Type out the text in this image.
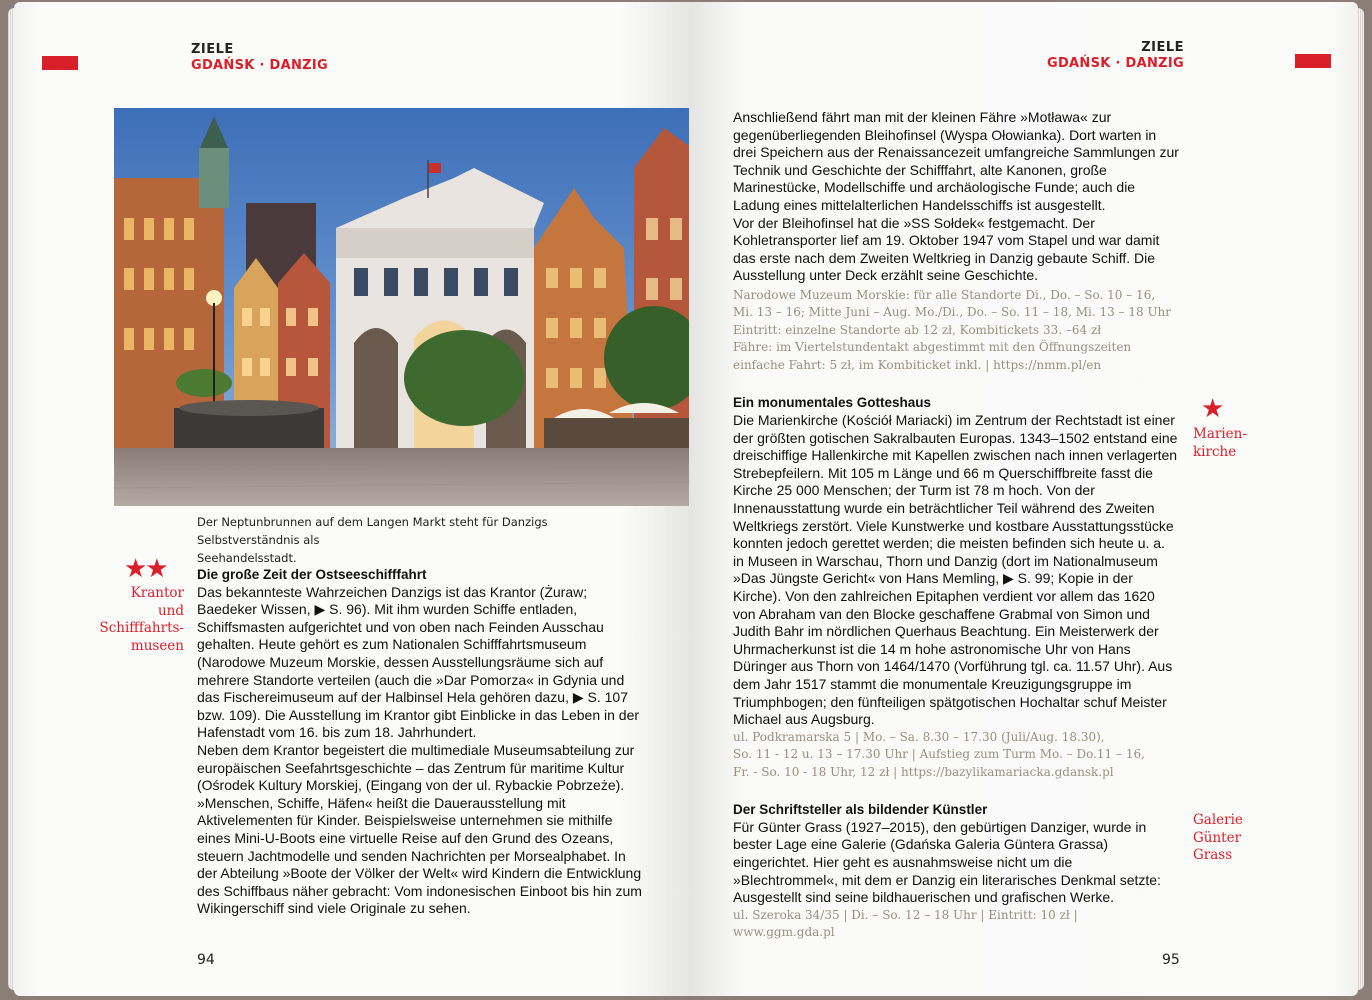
ZIELE
GDAŃSK · DANZIG
Der Neptunbrunnen auf dem Langen Markt steht für Danzigs Selbstverständnis als
Seehandelsstadt.
★★
Krantor
und
Schifffahrts-
museen

Die große Zeit der Ostseeschifffahrt

Das bekannteste Wahrzeichen Danzigs ist das Krantor (Żuraw; Baedeker Wissen, ▶ S. 96). Mit ihm wurden Schiffe entladen, Schiffsmasten aufgerichtet und von oben nach Feinden Ausschau gehalten. Heute gehört es zum Nationalen Schifffahrtsmuseum (Narodowe Muzeum Morskie, dessen Ausstellungsräume sich auf mehrere Standorte verteilen (auch die »Dar Pomorza« in Gdynia und das Fischereimuseum auf der Halbinsel Hela gehören dazu, ▶ S. 107 bzw. 109). Die Ausstellung im Krantor gibt Einblicke in das Leben in der Hafenstadt vom 16. bis zum 18. Jahrhundert.

Neben dem Krantor begeistert die multimediale Museumsabteilung zur europäischen Seefahrtsgeschichte – das Zentrum für maritime Kultur (Ośrodek Kultury Morskiej, (Eingang von der ul. Rybackie Pobrzeże). »Menschen, Schiffe, Häfen« heißt die Dauerausstellung mit Aktivelementen für Kinder. Beispielsweise unternehmen sie mithilfe eines Mini-U-Boots eine virtuelle Reise auf den Grund des Ozeans, steuern Jachtmodelle und senden Nachrichten per Morsealphabet. In der Abteilung »Boote der Völker der Welt« wird Kindern die Entwicklung des Schiffbaus näher gebracht: Vom indonesischen Einboot bis hin zum Wikingerschiff sind viele Originale zu sehen.

94
ZIELE
GDAŃSK · DANZIG

Anschließend fährt man mit der kleinen Fähre »Motława« zur gegenüberliegenden Bleihofinsel (Wyspa Ołowianka). Dort warten in drei Speichern aus der Renaissancezeit umfangreiche Sammlungen zur Technik und Geschichte der Schifffahrt, alte Kanonen, große Marinestücke, Modellschiffe und archäologische Funde; auch die Ladung eines mittelalterlichen Handelsschiffs ist ausgestellt.

Vor der Bleihofinsel hat die »SS Sołdek« festgemacht. Der Kohletransporter lief am 19. Oktober 1947 vom Stapel und war damit das erste nach dem Zweiten Weltkrieg in Danzig gebaute Schiff. Die Ausstellung unter Deck erzählt seine Geschichte.

Narodowe Muzeum Morskie: für alle Standorte Di., Do. – So. 10 – 16,

Mi. 13 – 16; Mitte Juni – Aug. Mo./Di., Do. – So. 11 – 18, Mi. 13 – 18 Uhr

Eintritt: einzelne Standorte ab 12 zł, Kombitickets 33. –64 zł

Fähre: im Viertelstundentakt abgestimmt mit den Öffnungszeiten

einfache Fahrt: 5 zł, im Kombiticket inkl. | https://nmm.pl/en

Ein monumentales Gotteshaus

Die Marienkirche (Kościół Mariacki) im Zentrum der Rechtstadt ist einer der größten gotischen Sakralbauten Europas. 1343–1502 entstand eine dreischiffige Hallenkirche mit Kapellen zwischen nach innen verlagerten Strebepfeilern. Mit 105 m Länge und 66 m Querschiffbreite fasst die Kirche 25 000 Menschen; der Turm ist 78 m hoch. Von der Innenausstattung wurde ein beträchtlicher Teil während des Zweiten Weltkriegs zerstört. Viele Kunstwerke und kostbare Ausstattungsstücke konnten jedoch gerettet werden; die meisten befinden sich heute u. a. in Museen in Warschau, Thorn und Danzig (dort im Nationalmuseum »Das Jüngste Gericht« von Hans Memling, ▶ S. 99; Kopie in der Kirche). Von den zahlreichen Epitaphen verdient vor allem das 1620 von Abraham van den Blocke geschaffene Grabmal von Simon und Judith Bahr im nördlichen Querhaus Beachtung. Ein Meisterwerk der Uhrmacherkunst ist die 14 m hohe astronomische Uhr von Hans Düringer aus Thorn von 1464/1470 (Vorführung tgl. ca. 11.57 Uhr). Aus dem Jahr 1517 stammt die monumentale Kreuzigungsgruppe im Triumphbogen; den fünfteiligen spätgotischen Hochaltar schuf Meister Michael aus Augsburg.

ul. Podkramarska 5 | Mo. – Sa. 8.30 – 17.30 (Juli/Aug. 18.30),

So. 11 - 12 u. 13 – 17.30 Uhr | Aufstieg zum Turm Mo. – Do.11 – 16,

Fr. - So. 10 - 18 Uhr, 12 zł | https://bazylikamariacka.gdansk.pl

Der Schriftsteller als bildender Künstler

Für Günter Grass (1927–2015), den gebürtigen Danziger, wurde in bester Lage eine Galerie (Gdańska Galeria Güntera Grassa) eingerichtet. Hier geht es ausnahmsweise nicht um die »Blechtrommel«, mit dem er Danzig ein literarisches Denkmal setzte: Ausgestellt sind seine bildhauerischen und grafischen Werke.

ul. Szeroka 34/35 | Di. – So. 12 – 18 Uhr | Eintritt: 10 zł | www.ggm.gda.pl

★
Marien-
kirche
Galerie
Günter
Grass
95
